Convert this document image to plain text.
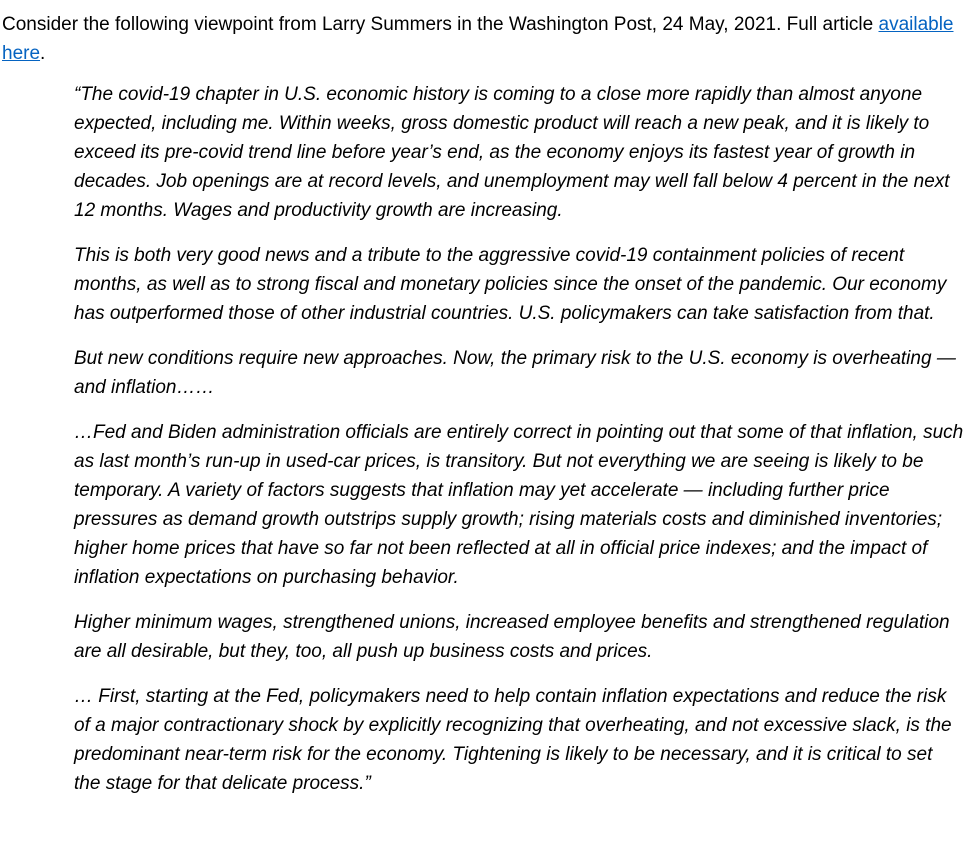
Consider the following viewpoint from Larry Summers in the Washington Post, 24 May, 2021. Full article available here.

“The covid-19 chapter in U.S. economic history is coming to a close more rapidly than almost anyone expected, including me. Within weeks, gross domestic product will reach a new peak, and it is likely to exceed its pre-covid trend line before year’s end, as the economy enjoys its fastest year of growth in decades. Job openings are at record levels, and unemployment may well fall below 4 percent in the next 12 months. Wages and productivity growth are increasing.

This is both very good news and a tribute to the aggressive covid-19 containment policies of recent months, as well as to strong fiscal and monetary policies since the onset of the pandemic. Our economy has outperformed those of other industrial countries. U.S. policymakers can take satisfaction from that.

But new conditions require new approaches. Now, the primary risk to the U.S. economy is overheating — and inflation……

…Fed and Biden administration officials are entirely correct in pointing out that some of that inflation, such as last month’s run-up in used-car prices, is transitory. But not everything we are seeing is likely to be temporary. A variety of factors suggests that inflation may yet accelerate — including further price pressures as demand growth outstrips supply growth; rising materials costs and diminished inventories; higher home prices that have so far not been reflected at all in official price indexes; and the impact of inflation expectations on purchasing behavior.

Higher minimum wages, strengthened unions, increased employee benefits and strengthened regulation are all desirable, but they, too, all push up business costs and prices.

… First, starting at the Fed, policymakers need to help contain inflation expectations and reduce the risk of a major contractionary shock by explicitly recognizing that overheating, and not excessive slack, is the predominant near-term risk for the economy. Tightening is likely to be necessary, and it is critical to set the stage for that delicate process.”
